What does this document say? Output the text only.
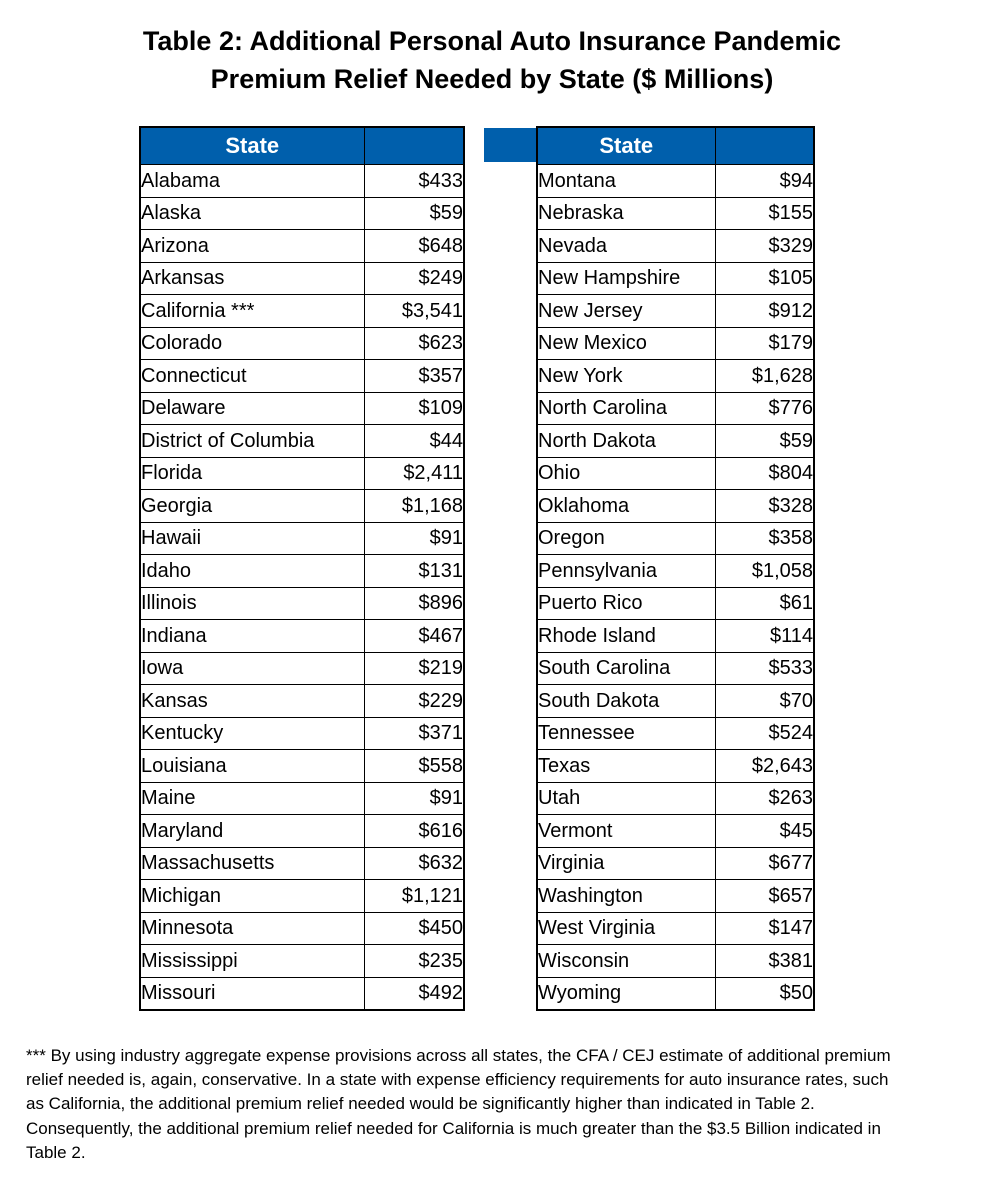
Table 2: Additional Personal Auto Insurance Pandemic
Premium Relief Needed by State ($ Millions)
State	
Alabama	$433
Alaska	$59
Arizona	$648
Arkansas	$249
California ***	$3,541
Colorado	$623
Connecticut	$357
Delaware	$109
District of Columbia	$44
Florida	$2,411
Georgia	$1,168
Hawaii	$91
Idaho	$131
Illinois	$896
Indiana	$467
Iowa	$219
Kansas	$229
Kentucky	$371
Louisiana	$558
Maine	$91
Maryland	$616
Massachusetts	$632
Michigan	$1,121
Minnesota	$450
Mississippi	$235
Missouri	$492
State	
Montana	$94
Nebraska	$155
Nevada	$329
New Hampshire	$105
New Jersey	$912
New Mexico	$179
New York	$1,628
North Carolina	$776
North Dakota	$59
Ohio	$804
Oklahoma	$328
Oregon	$358
Pennsylvania	$1,058
Puerto Rico	$61
Rhode Island	$114
South Carolina	$533
South Dakota	$70
Tennessee	$524
Texas	$2,643
Utah	$263
Vermont	$45
Virginia	$677
Washington	$657
West Virginia	$147
Wisconsin	$381
Wyoming	$50
*** By using industry aggregate expense provisions across all states, the CFA / CEJ estimate of additional premium
relief needed is, again, conservative. In a state with expense efficiency requirements for auto insurance rates, such
as California, the additional premium relief needed would be significantly higher than indicated in Table 2.
Consequently, the additional premium relief needed for California is much greater than the $3.5 Billion indicated in
Table 2.
